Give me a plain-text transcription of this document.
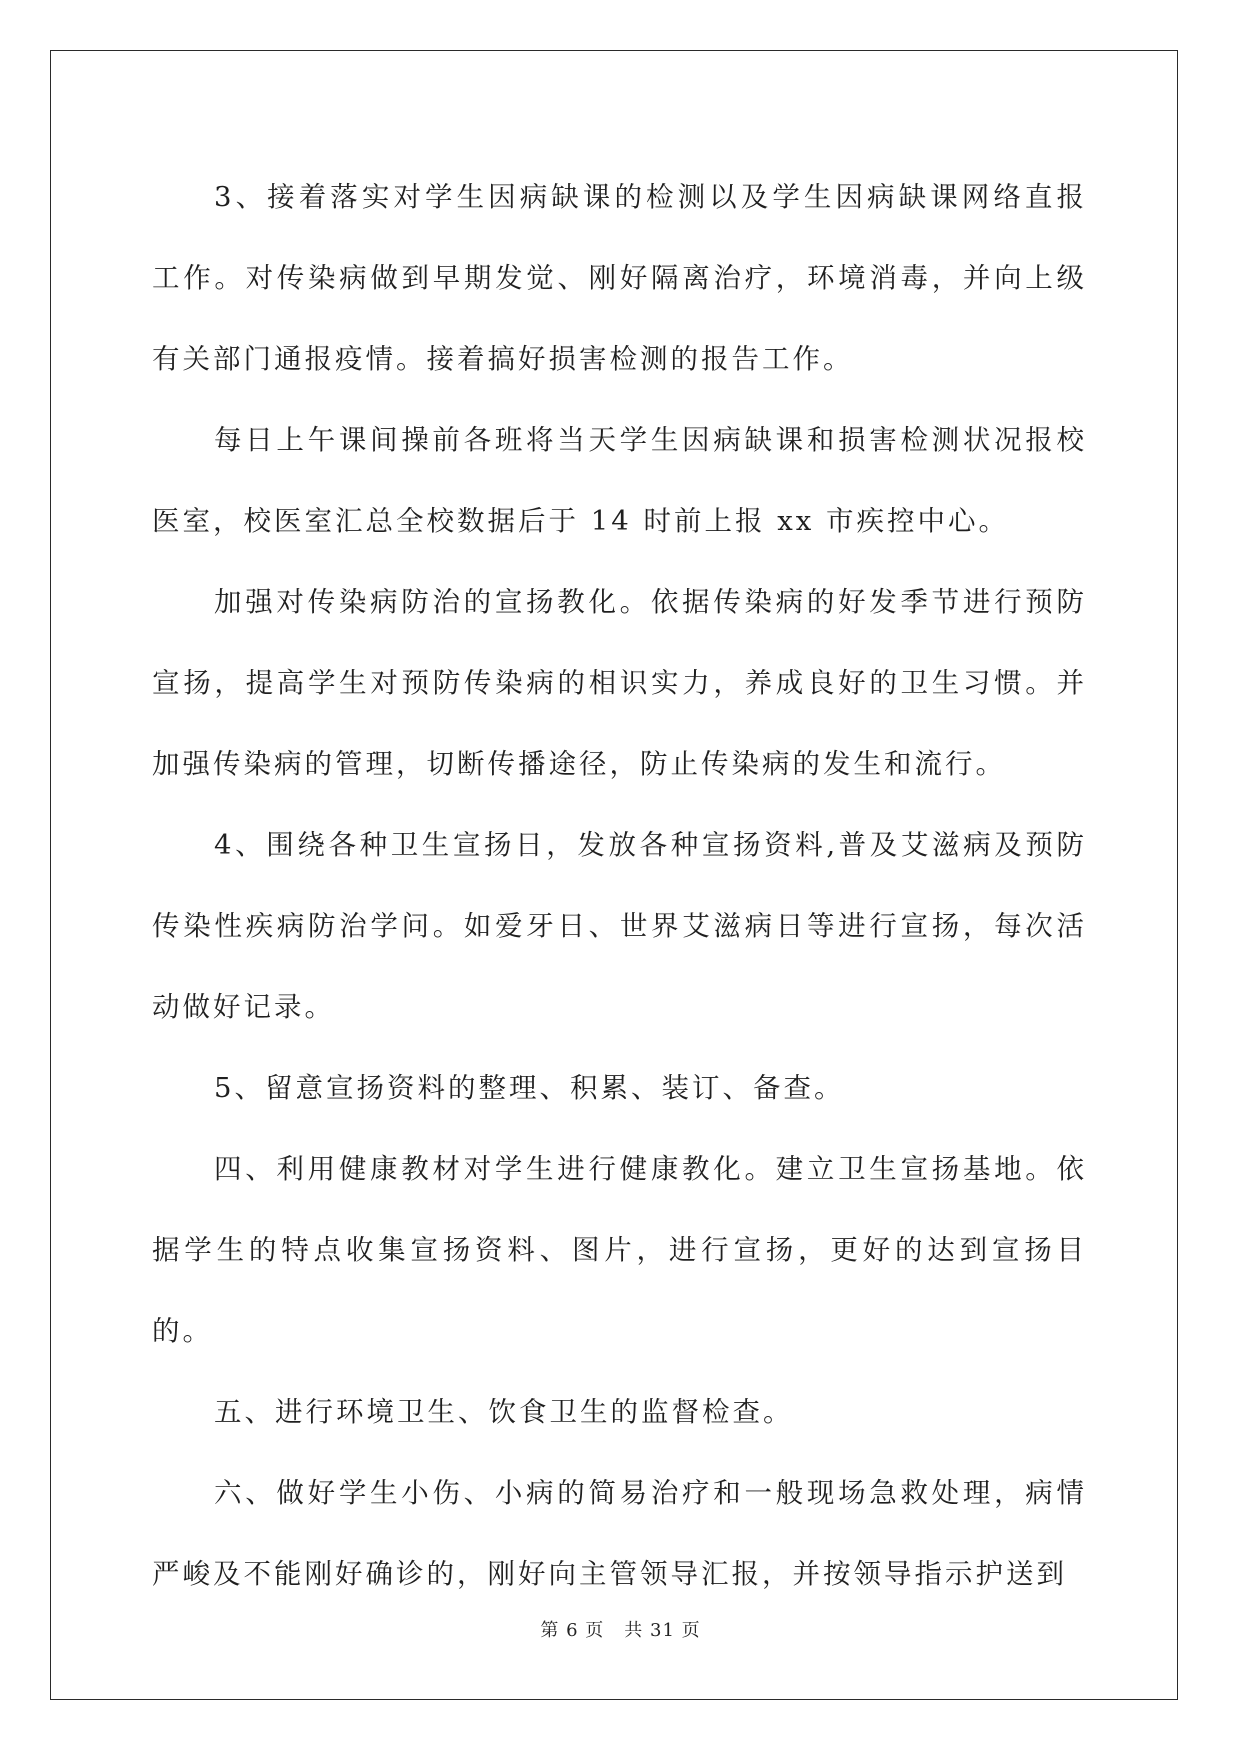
3、接着落实对学生因病缺课的检测以及学生因病缺课网络直报工作。对传染病做到早期发觉、刚好隔离治疗，环境消毒，并向上级有关部门通报疫情。接着搞好损害检测的报告工作。

每日上午课间操前各班将当天学生因病缺课和损害检测状况报校医室，校医室汇总全校数据后于 14 时前上报 xx 市疾控中心。

加强对传染病防治的宣扬教化。依据传染病的好发季节进行预防宣扬，提高学生对预防传染病的相识实力，养成良好的卫生习惯。并加强传染病的管理，切断传播途径，防止传染病的发生和流行。

4、围绕各种卫生宣扬日，发放各种宣扬资料,普及艾滋病及预防传染性疾病防治学问。如爱牙日、世界艾滋病日等进行宣扬，每次活动做好记录。

5、留意宣扬资料的整理、积累、装订、备查。

四、利用健康教材对学生进行健康教化。建立卫生宣扬基地。依据学生的特点收集宣扬资料、图片，进行宣扬，更好的达到宣扬目的。

五、进行环境卫生、饮食卫生的监督检查。

六、做好学生小伤、小病的简易治疗和一般现场急救处理，病情严峻及不能刚好确诊的，刚好向主管领导汇报，并按领导指示护送到

第 6 页 共 31 页
